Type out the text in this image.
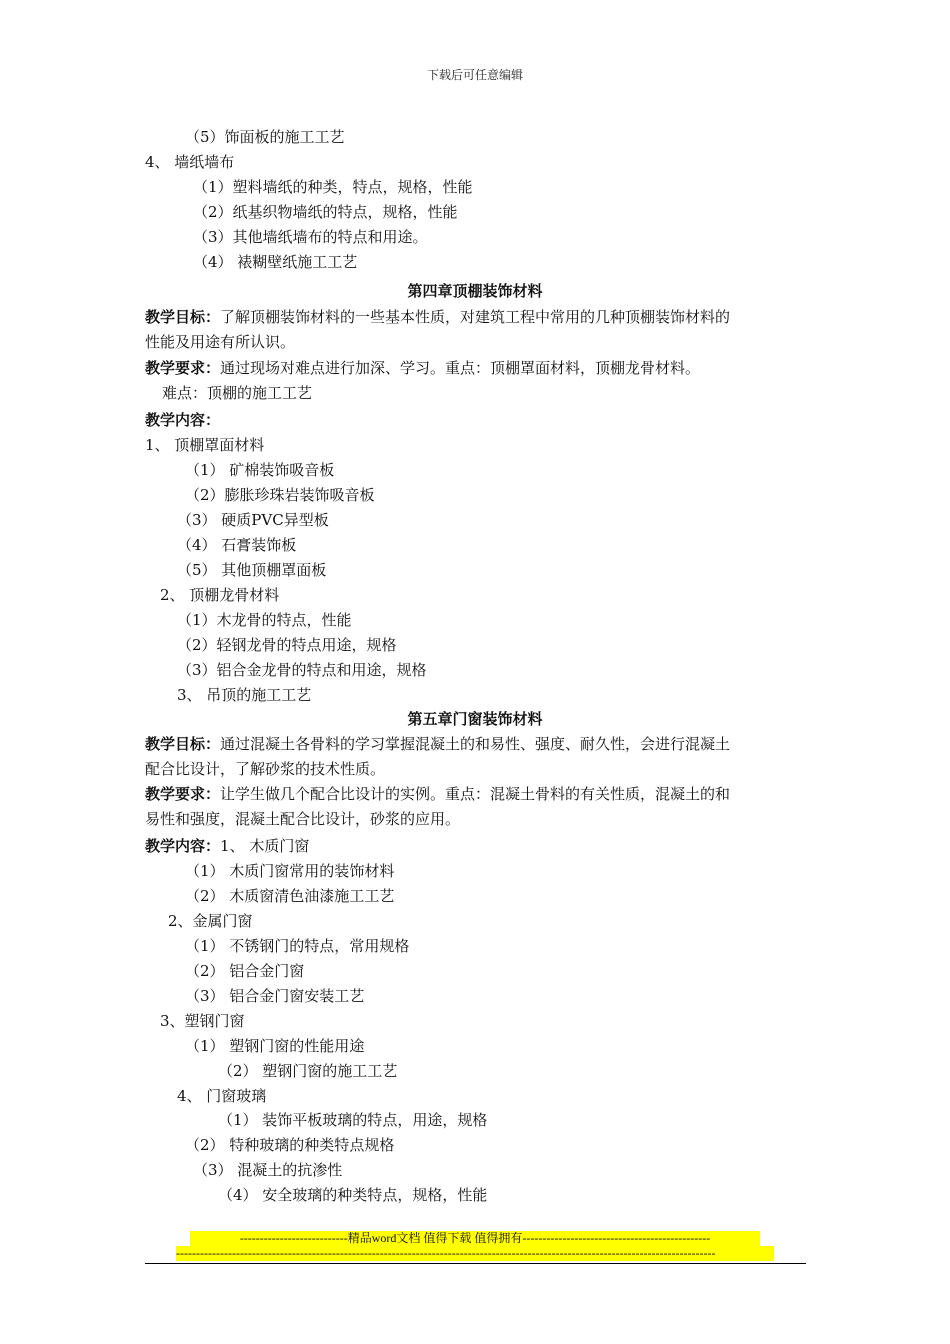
下载后可任意编辑
（5）饰面板的施工工艺
4、 墙纸墙布
（1）塑料墙纸的种类，特点，规格，性能
（2）纸基织物墙纸的特点，规格，性能
（3）其他墙纸墙布的特点和用途。
（4） 裱糊壁纸施工工艺
第四章顶棚装饰材料
教学目标：了解顶棚装饰材料的一些基本性质，对建筑工程中常用的几种顶棚装饰材料的
性能及用途有所认识。
教学要求：通过现场对难点进行加深、学习。重点：顶棚罩面材料，顶棚龙骨材料。
难点：顶棚的施工工艺
教学内容：
1、 顶棚罩面材料
（1） 矿棉装饰吸音板
（2）膨胀珍珠岩装饰吸音板
（3） 硬质PVC异型板
（4） 石膏装饰板
（5） 其他顶棚罩面板
2、 顶棚龙骨材料
（1）木龙骨的特点，性能
（2）轻钢龙骨的特点用途，规格
（3）铝合金龙骨的特点和用途，规格
3、 吊顶的施工工艺
第五章门窗装饰材料
教学目标：通过混凝土各骨料的学习掌握混凝土的和易性、强度、耐久性，会进行混凝土
配合比设计，了解砂浆的技术性质。
教学要求：让学生做几个配合比设计的实例。重点：混凝土骨料的有关性质，混凝土的和
易性和强度，混凝土配合比设计，砂浆的应用。
教学内容：1、 木质门窗
（1） 木质门窗常用的装饰材料
（2） 木质窗清色油漆施工工艺
2、金属门窗
（1） 不锈钢门的特点，常用规格
（2） 铝合金门窗
（3） 铝合金门窗安装工艺
3、塑钢门窗
（1） 塑钢门窗的性能用途
（2） 塑钢门窗的施工工艺
4、 门窗玻璃
（1） 装饰平板玻璃的特点，用途，规格
（2） 特种玻璃的种类特点规格
（3） 混凝土的抗渗性
（4） 安全玻璃的种类特点，规格，性能
---------------------------精品word文档 值得下载 值得拥有-----------------------------------------------
---------------------------------------------------------------------------------------------------------------------------------------
